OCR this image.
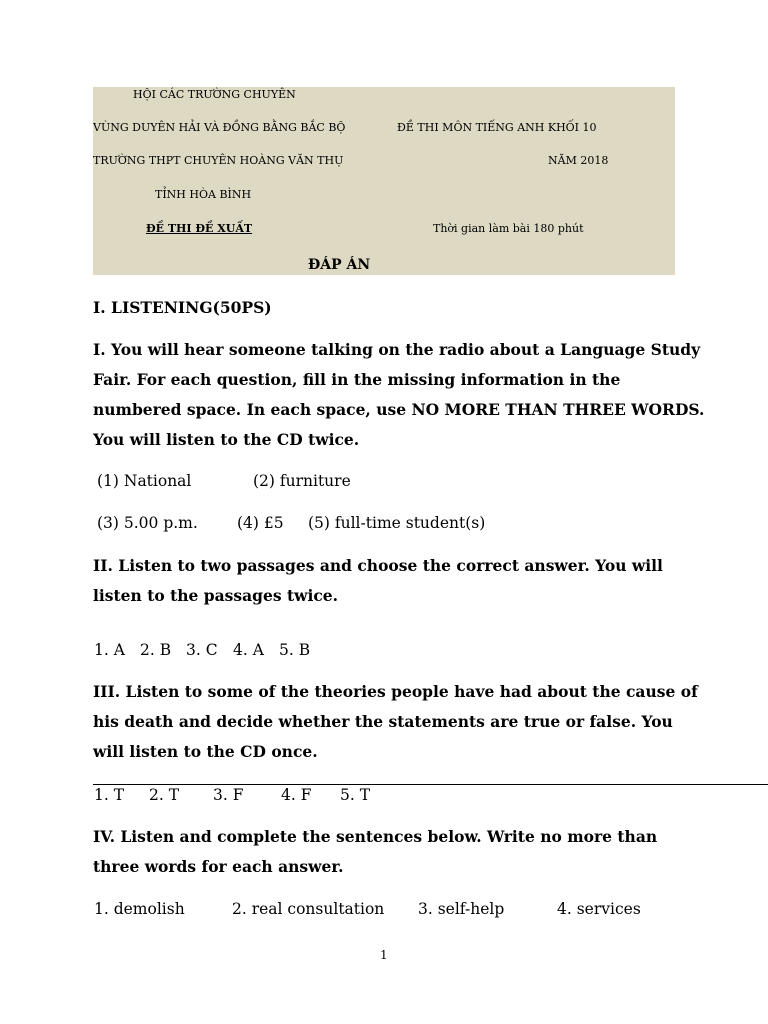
HỘI CÁC TRƯỜNG CHUYÊN
VÙNG DUYÊN HẢI VÀ ĐỒNG BẰNG BẮC BỘ
TRƯỜNG THPT CHUYÊN HOÀNG VĂN THỤ
TỈNH HÒA BÌNH
ĐỀ THI ĐỀ XUẤT
ĐỀ THI MÔN TIẾNG ANH KHỐI 10
NĂM 2018
Thời gian làm bài 180 phút
ĐÁP ÁN
I. LISTENING(50PS)
I. You will hear someone talking on the radio about a Language Study
Fair. For each question, fill in the missing information in the
numbered space. In each space, use NO MORE THAN THREE WORDS.
You will listen to the CD twice.
(1) National	(2) furniture
(3) 5.00 p.m.	(4) £5 (5) full-time student(s)
II. Listen to two passages and choose the correct answer. You will
listen to the passages twice.
1. A 2. B 3. C 4. A 5. B
III. Listen to some of the theories people have had about the cause of
his death and decide whether the statements are true or false. You
will listen to the CD once.
1. T 2. T 3. F 4. F 5. T
IV. Listen and complete the sentences below. Write no more than
three words for each answer.
1. demolish	2. real consultation 3. self-help	4. services
1
